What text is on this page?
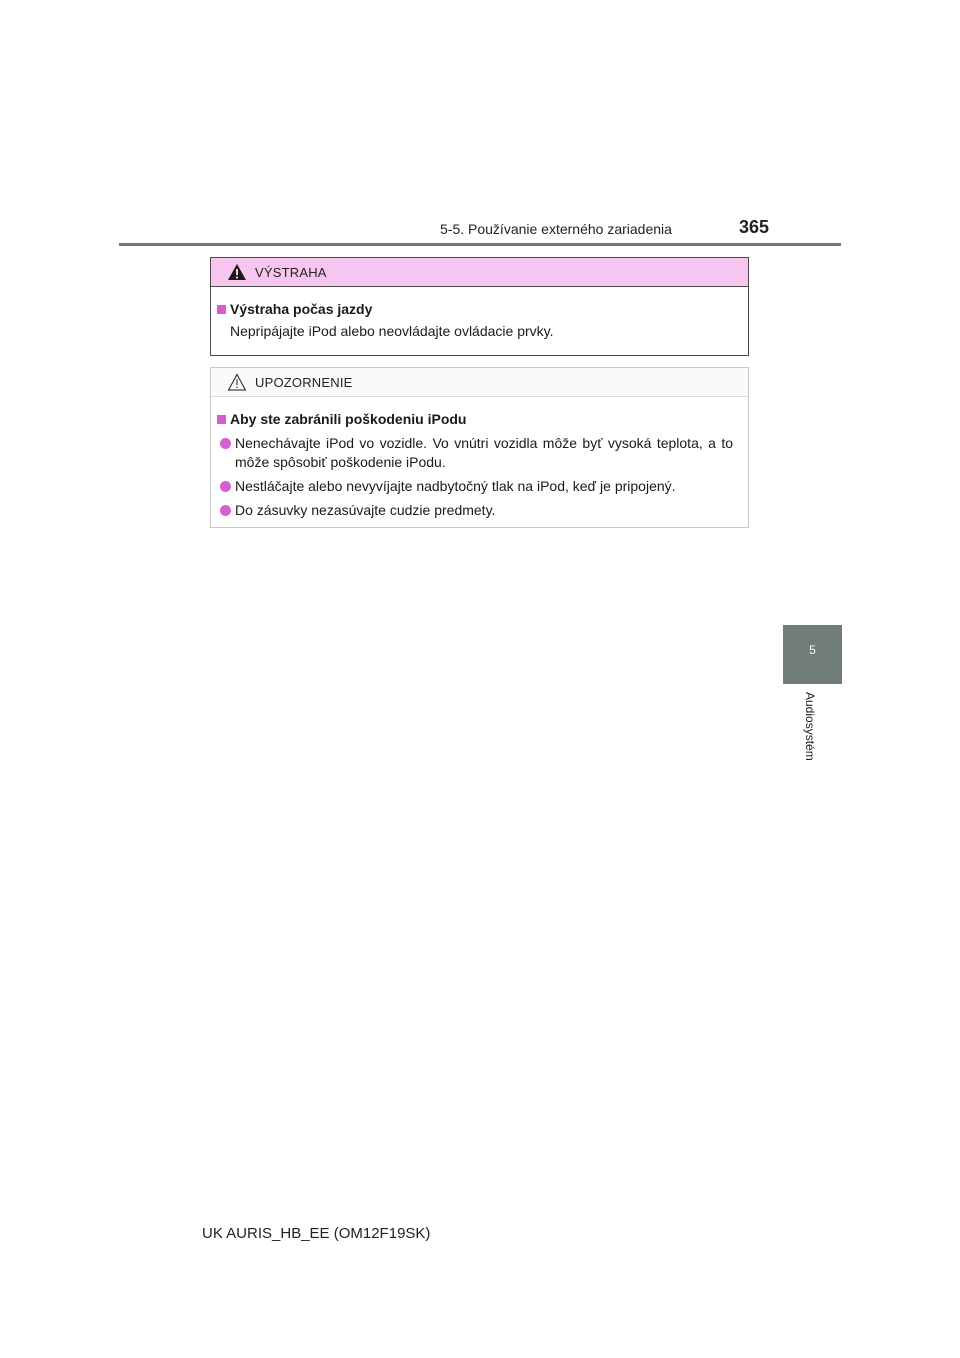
5-5. Používanie externého zariadenia	365
5
Audiosystém
VÝSTRAHA
Výstraha počas jazdy
Nepripájajte iPod alebo neovládajte ovládacie prvky.
UPOZORNENIE
Aby ste zabránili poškodeniu iPodu
Nenechávajte iPod vo vozidle. Vo vnútri vozidla môže byť vysoká teplota, a to môže spôsobiť poškodenie iPodu.
Nestláčajte alebo nevyvíjajte nadbytočný tlak na iPod, keď je pripojený.
Do zásuvky nezasúvajte cudzie predmety.
UK AURIS_HB_EE (OM12F19SK)
